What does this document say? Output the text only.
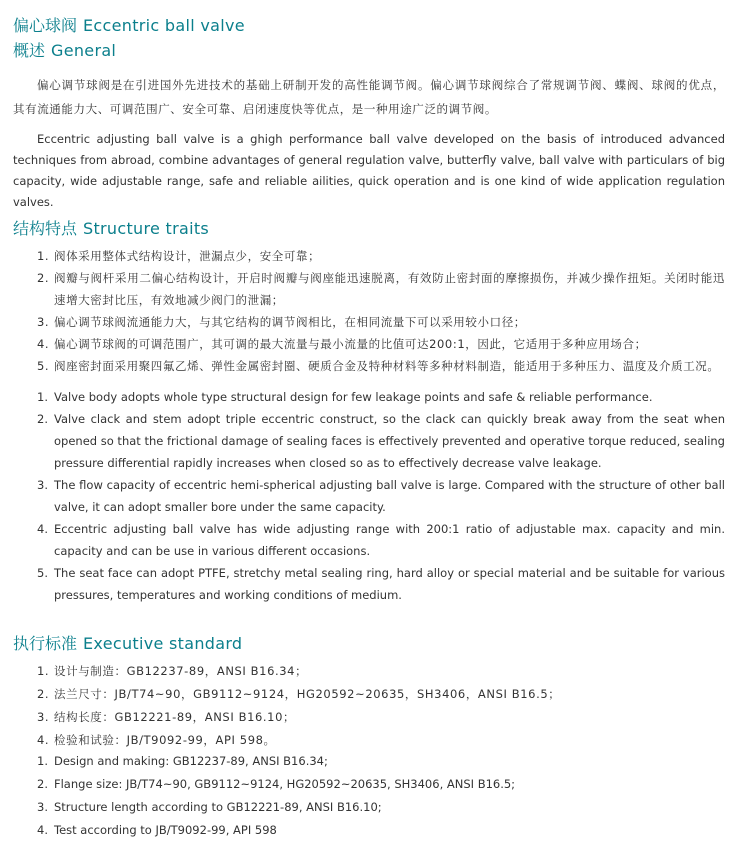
偏心球阀 Eccentric ball valve
概述 General
偏心调节球阀是在引进国外先进技术的基础上研制开发的高性能调节阀。偏心调节球阀综合了常规调节阀、蝶阀、球阀的优点，其有流通能力大、可调范围广、安全可靠、启闭速度快等优点，是一种用途广泛的调节阀。
Eccentric adjusting ball valve is a ghigh performance ball valve developed on the basis of introduced advanced techniques from abroad, combine advantages of general regulation valve, butterfly valve, ball valve with particulars of big capacity, wide adjustable range, safe and reliable ailities, quick operation and is one kind of wide application regulation valves.
结构特点 Structure traits
1. 阀体采用整体式结构设计，泄漏点少，安全可靠；
2. 阀瓣与阀杆采用二偏心结构设计，开启时阀瓣与阀座能迅速脱离，有效防止密封面的摩擦损伤，并减少操作扭矩。关闭时能迅速增大密封比压，有效地减少阀门的泄漏；
3. 偏心调节球阀流通能力大，与其它结构的调节阀相比，在相同流量下可以采用较小口径；
4. 偏心调节球阀的可调范围广，其可调的最大流量与最小流量的比值可达200:1，因此，它适用于多种应用场合；
5. 阀座密封面采用聚四氟乙烯、弹性金属密封圈、硬质合金及特种材料等多种材料制造，能适用于多种压力、温度及介质工况。
1. Valve body adopts whole type structural design for few leakage points and safe & reliable performance.
2. Valve clack and stem adopt triple eccentric construct, so the clack can quickly break away from the seat when opened so that the frictional damage of sealing faces is effectively prevented and operative torque reduced, sealing pressure differential rapidly increases when closed so as to effectively decrease valve leakage.
3. The flow capacity of eccentric hemi-spherical adjusting ball valve is large. Compared with the structure of other ball valve, it can adopt smaller bore under the same capacity.
4. Eccentric adjusting ball valve has wide adjusting range with 200:1 ratio of adjustable max. capacity and min. capacity and can be use in various different occasions.
5. The seat face can adopt PTFE, stretchy metal sealing ring, hard alloy or special material and be suitable for various pressures, temperatures and working conditions of medium.
执行标准 Executive standard
1. 设计与制造：GB12237-89，ANSI B16.34；
2. 法兰尺寸：JB/T74~90，GB9112~9124，HG20592~20635，SH3406，ANSI B16.5；
3. 结构长度：GB12221-89，ANSI B16.10；
4. 检验和试验：JB/T9092-99，API 598。
1. Design and making: GB12237-89, ANSI B16.34;
2. Flange size: JB/T74~90, GB9112~9124, HG20592~20635, SH3406, ANSI B16.5;
3. Structure length according to GB12221-89, ANSI B16.10;
4. Test according to JB/T9092-99, API 598
